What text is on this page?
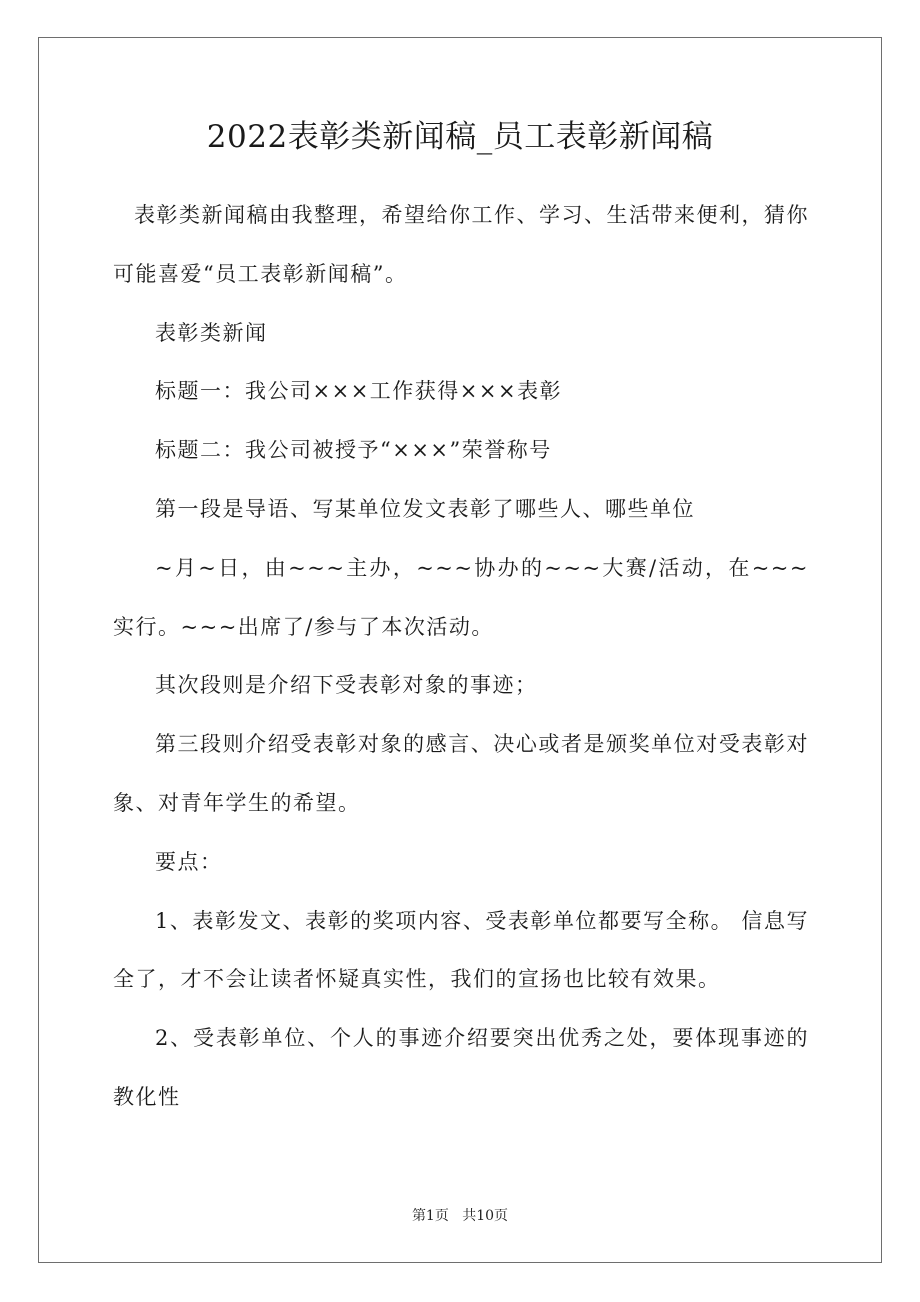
2022表彰类新闻稿_员工表彰新闻稿

表彰类新闻稿由我整理，希望给你工作、学习、生活带来便利，猜你可能喜爱“员工表彰新闻稿”。

表彰类新闻

标题一：我公司×××工作获得×××表彰

标题二：我公司被授予“×××”荣誉称号

第一段是导语、写某单位发文表彰了哪些人、哪些单位

~月~日，由~~~主办，~~~协办的~~~大赛/活动，在~~~实行。~~~出席了/参与了本次活动。

其次段则是介绍下受表彰对象的事迹；

第三段则介绍受表彰对象的感言、决心或者是颁奖单位对受表彰对象、对青年学生的希望。

要点：

1、表彰发文、表彰的奖项内容、受表彰单位都要写全称。 信息写全了，才不会让读者怀疑真实性，我们的宣扬也比较有效果。

2、受表彰单位、个人的事迹介绍要突出优秀之处，要体现事迹的教化性

第1页 共10页
